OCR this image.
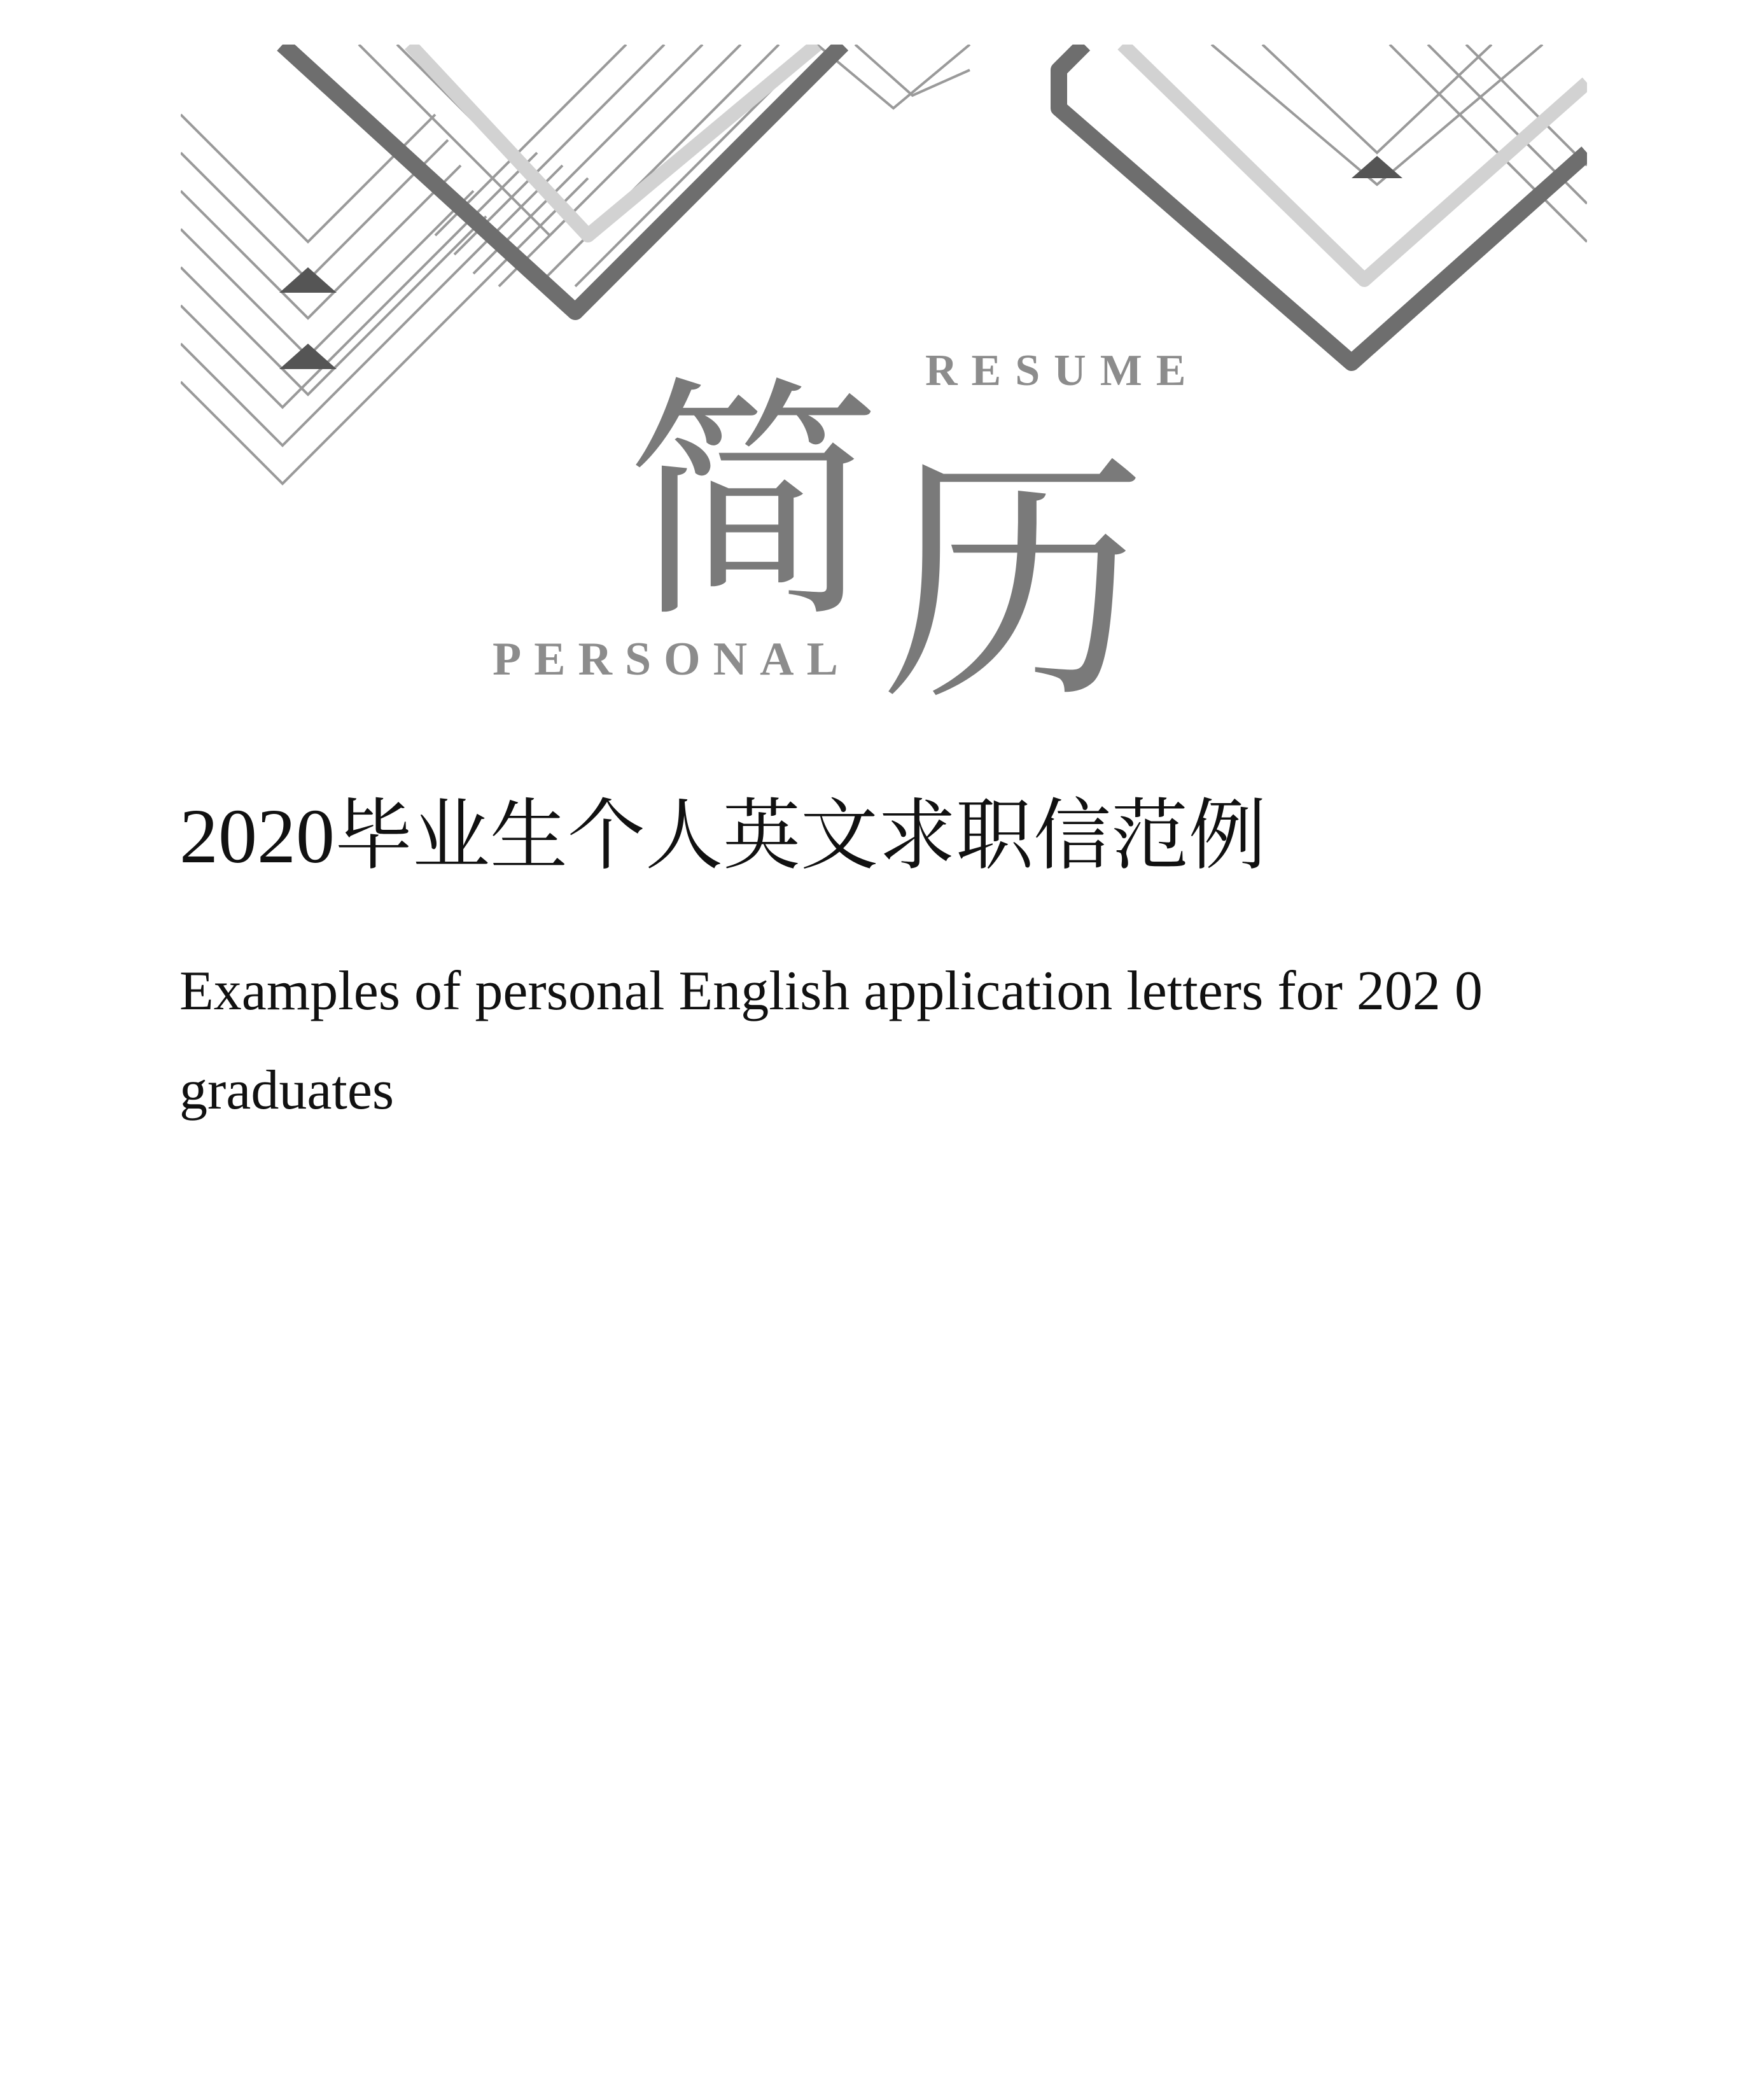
RESUME
PERSONAL
简 历
2020毕业生个人英文求职信范例

Examples of personal English application letters for 202 0 graduates
